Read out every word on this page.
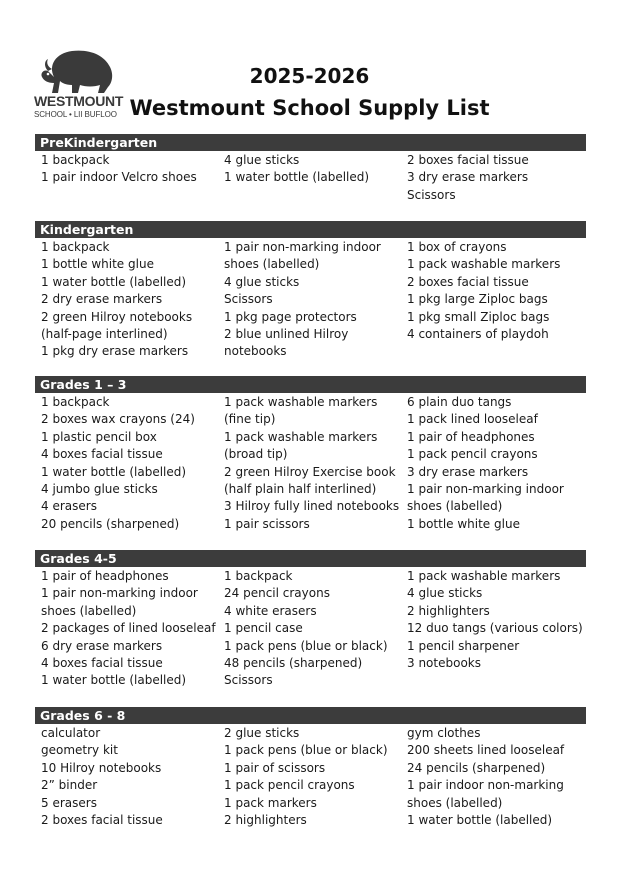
WESTMOUNT
SCHOOL • LII BUFLOO
2025-2026
Westmount School Supply List
PreKindergarten
1 backpack
1 pair indoor Velcro shoes
4 glue sticks
1 water bottle (labelled)
2 boxes facial tissue
3 dry erase markers
Scissors
Kindergarten
1 backpack
1 bottle white glue
1 water bottle (labelled)
2 dry erase markers
2 green Hilroy notebooks
(half-page interlined)
1 pkg dry erase markers
1 pair non-marking indoor
shoes (labelled)
4 glue sticks
Scissors
1 pkg page protectors
2 blue unlined Hilroy
notebooks
1 box of crayons
1 pack washable markers
2 boxes facial tissue
1 pkg large Ziploc bags
1 pkg small Ziploc bags
4 containers of playdoh
Grades 1 – 3
1 backpack
2 boxes wax crayons (24)
1 plastic pencil box
4 boxes facial tissue
1 water bottle (labelled)
4 jumbo glue sticks
4 erasers
20 pencils (sharpened)
1 pack washable markers
(fine tip)
1 pack washable markers
(broad tip)
2 green Hilroy Exercise book
(half plain half interlined)
3 Hilroy fully lined notebooks
1 pair scissors
6 plain duo tangs
1 pack lined looseleaf
1 pair of headphones
1 pack pencil crayons
3 dry erase markers
1 pair non-marking indoor
shoes (labelled)
1 bottle white glue
Grades 4-5
1 pair of headphones
1 pair non-marking indoor
shoes (labelled)
2 packages of lined looseleaf
6 dry erase markers
4 boxes facial tissue
1 water bottle (labelled)
1 backpack
24 pencil crayons
4 white erasers
1 pencil case
1 pack pens (blue or black)
48 pencils (sharpened)
Scissors
1 pack washable markers
4 glue sticks
2 highlighters
12 duo tangs (various colors)
1 pencil sharpener
3 notebooks
Grades 6 - 8
calculator
geometry kit
10 Hilroy notebooks
2” binder
5 erasers
2 boxes facial tissue
2 glue sticks
1 pack pens (blue or black)
1 pair of scissors
1 pack pencil crayons
1 pack markers
2 highlighters
gym clothes
200 sheets lined looseleaf
24 pencils (sharpened)
1 pair indoor non-marking
shoes (labelled)
1 water bottle (labelled)
